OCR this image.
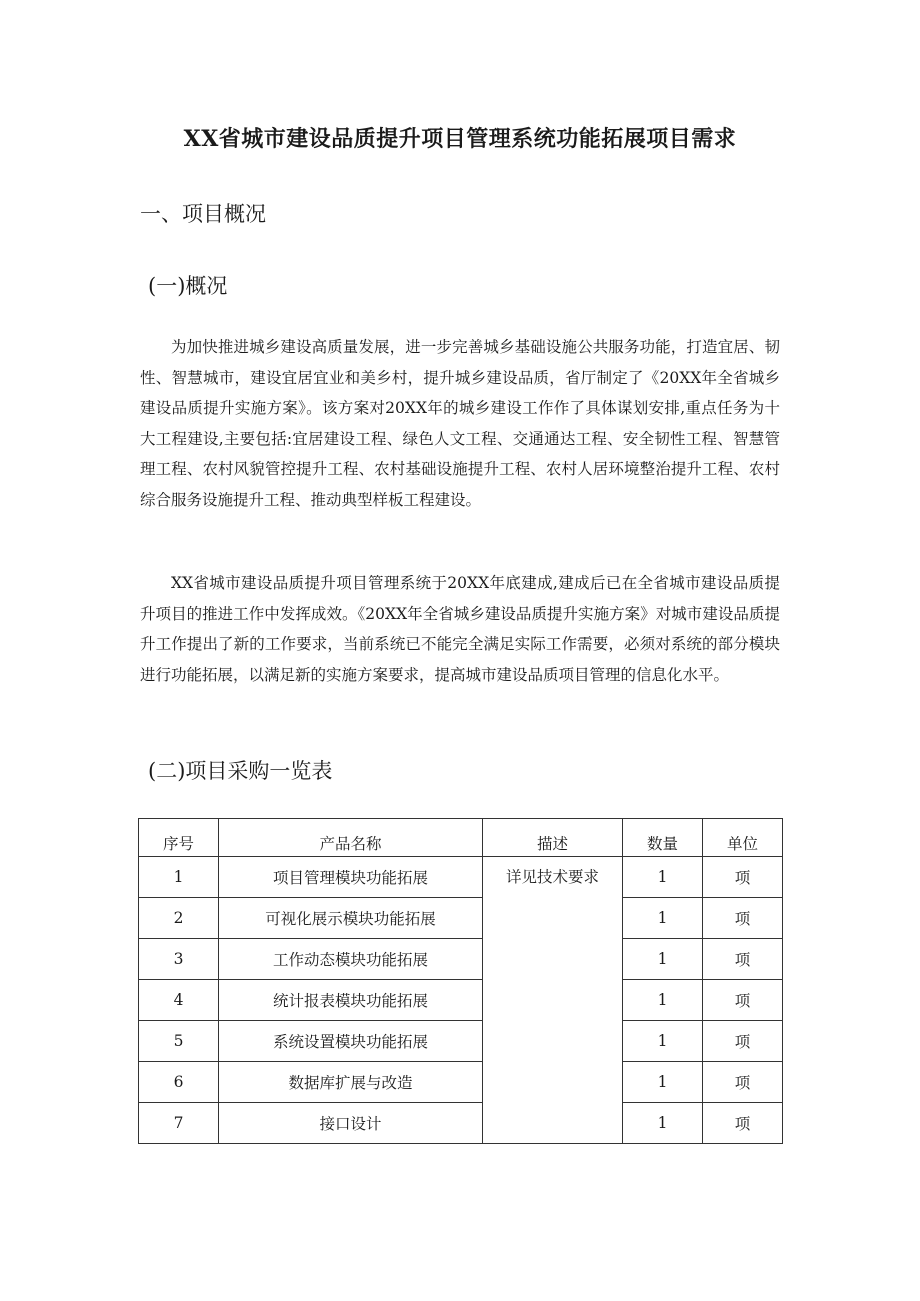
XX省城市建设品质提升项目管理系统功能拓展项目需求
一、项目概况
(一)概况

为加快推进城乡建设高质量发展，进一步完善城乡基础设施公共服务功能，打造宜居、韧性、智慧城市，建设宜居宜业和美乡村，提升城乡建设品质，省厅制定了《20XX年全省城乡建设品质提升实施方案》。该方案对20XX年的城乡建设工作作了具体谋划安排,重点任务为十大工程建设,主要包括:宜居建设工程、绿色人文工程、交通通达工程、安全韧性工程、智慧管理工程、农村风貌管控提升工程、农村基础设施提升工程、农村人居环境整治提升工程、农村综合服务设施提升工程、推动典型样板工程建设。

XX省城市建设品质提升项目管理系统于20XX年底建成,建成后已在全省城市建设品质提升项目的推进工作中发挥成效。《20XX年全省城乡建设品质提升实施方案》对城市建设品质提升工作提出了新的工作要求，当前系统已不能完全满足实际工作需要，必须对系统的部分模块进行功能拓展，以满足新的实施方案要求，提高城市建设品质项目管理的信息化水平。

(二)项目采购一览表
序号	产品名称	描述	数量	单位
1	项目管理模块功能拓展	详见技术要求	1	项
2	可视化展示模块功能拓展		1	项
3	工作动态模块功能拓展		1	项
4	统计报表模块功能拓展		1	项
5	系统设置模块功能拓展		1	项
6	数据库扩展与改造		1	项
7	接口设计		1	项
